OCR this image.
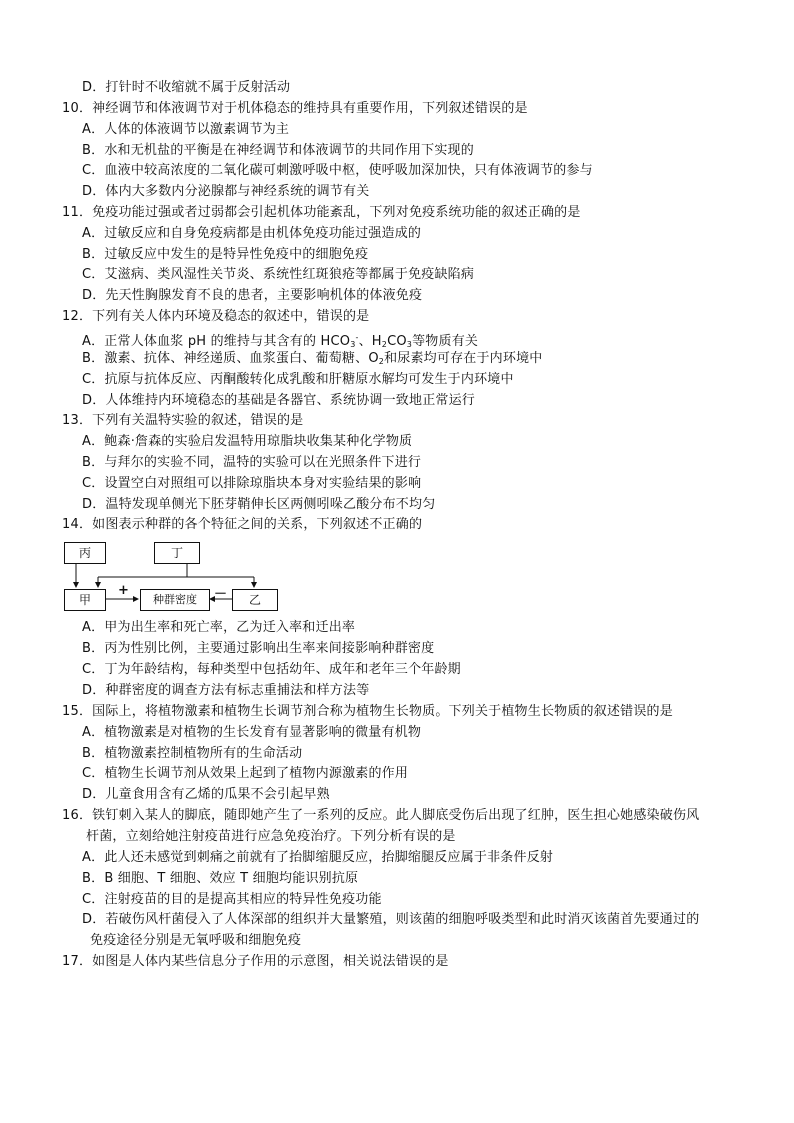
D．打针时不收缩就不属于反射活动
10．神经调节和体液调节对于机体稳态的维持具有重要作用，下列叙述错误的是
A．人体的体液调节以激素调节为主
B．水和无机盐的平衡是在神经调节和体液调节的共同作用下实现的
C．血液中较高浓度的二氧化碳可刺激呼吸中枢，使呼吸加深加快，只有体液调节的参与
D．体内大多数内分泌腺都与神经系统的调节有关
11．免疫功能过强或者过弱都会引起机体功能紊乱，下列对免疫系统功能的叙述正确的是
A．过敏反应和自身免疫病都是由机体免疫功能过强造成的
B．过敏反应中发生的是特异性免疫中的细胞免疫
C．艾滋病、类风湿性关节炎、系统性红斑狼疮等都属于免疫缺陷病
D．先天性胸腺发育不良的患者，主要影响机体的体液免疫
12．下列有关人体内环境及稳态的叙述中，错误的是
A．正常人体血浆 pH 的维持与其含有的 $HCO_3^-$、$H_2CO_3$等物质有关
B．激素、抗体、神经递质、血浆蛋白、葡萄糖、$O_2$和尿素均可存在于内环境中
C．抗原与抗体反应、丙酮酸转化成乳酸和肝糖原水解均可发生于内环境中
D．人体维持内环境稳态的基础是各器官、系统协调一致地正常运行
13．下列有关温特实验的叙述，错误的是
A．鲍森·詹森的实验启发温特用琼脂块收集某种化学物质
B．与拜尔的实验不同，温特的实验可以在光照条件下进行
C．设置空白对照组可以排除琼脂块本身对实验结果的影响
D．温特发现单侧光下胚芽鞘伸长区两侧吲哚乙酸分布不均匀
14．如图表示种群的各个特征之间的关系，下列叙述不正确的
丙	丁
甲	种群密度	乙
+	－
A．甲为出生率和死亡率，乙为迁入率和迁出率
B．丙为性别比例，主要通过影响出生率来间接影响种群密度
C．丁为年龄结构，每种类型中包括幼年、成年和老年三个年龄期
D．种群密度的调查方法有标志重捕法和样方法等
15．国际上，将植物激素和植物生长调节剂合称为植物生长物质。下列关于植物生长物质的叙述错误的是
A．植物激素是对植物的生长发育有显著影响的微量有机物
B．植物激素控制植物所有的生命活动
C．植物生长调节剂从效果上起到了植物内源激素的作用
D．儿童食用含有乙烯的瓜果不会引起早熟
16．铁钉刺入某人的脚底，随即她产生了一系列的反应。此人脚底受伤后出现了红肿，医生担心她感染破伤风
杆菌，立刻给她注射疫苗进行应急免疫治疗。下列分析有误的是
A．此人还未感觉到刺痛之前就有了抬脚缩腿反应，抬脚缩腿反应属于非条件反射
B．B 细胞、T 细胞、效应 T 细胞均能识别抗原
C．注射疫苗的目的是提高其相应的特异性免疫功能
D．若破伤风杆菌侵入了人体深部的组织并大量繁殖，则该菌的细胞呼吸类型和此时消灭该菌首先要通过的
免疫途径分别是无氧呼吸和细胞免疫
17．如图是人体内某些信息分子作用的示意图，相关说法错误的是
